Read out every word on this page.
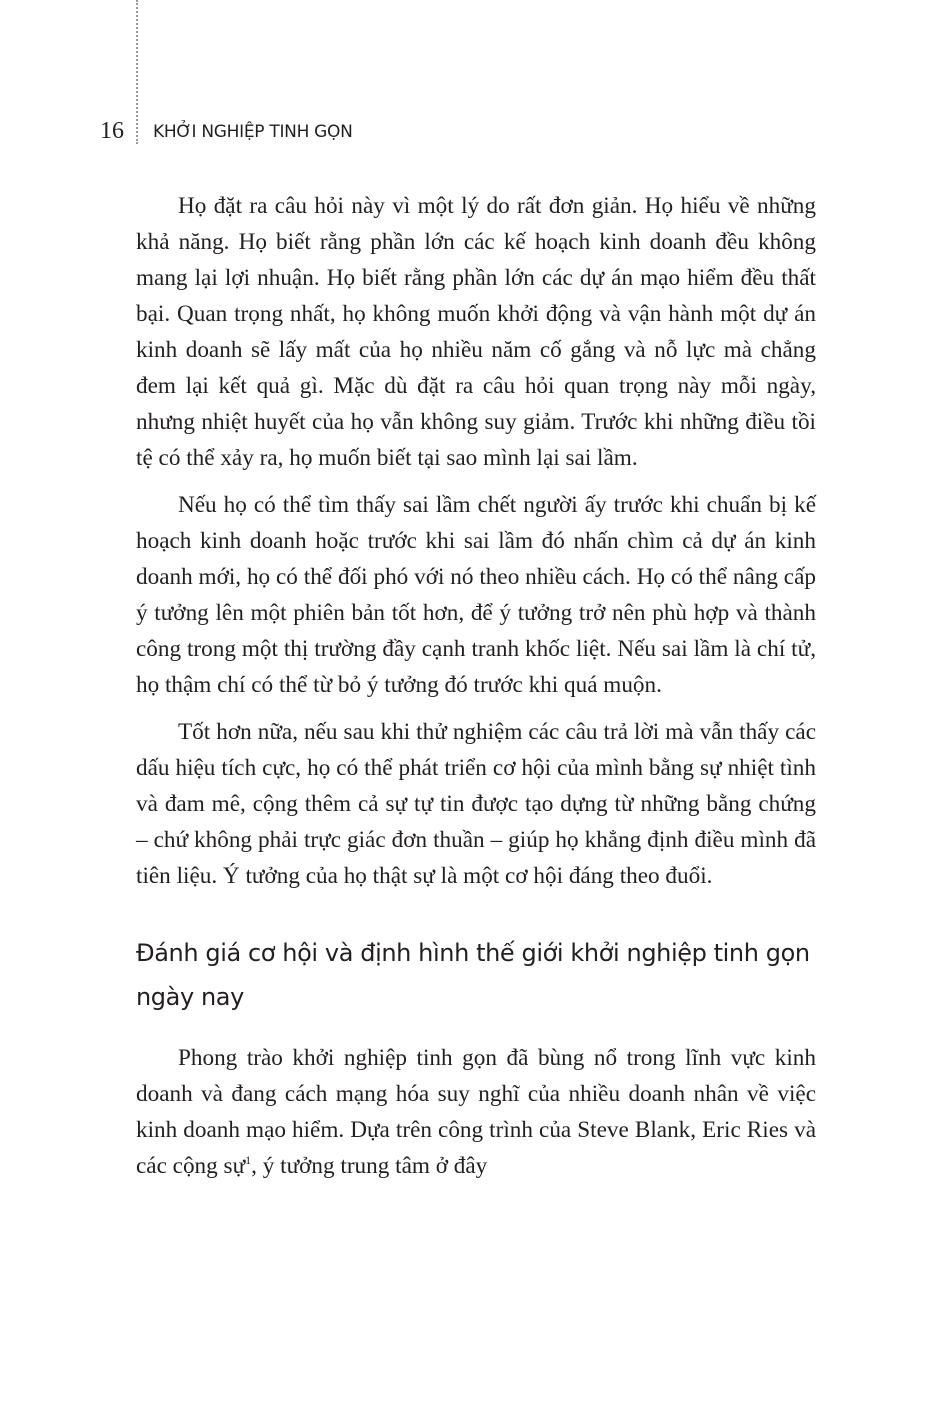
16 KHỞI NGHIỆP TINH GỌN

Họ đặt ra câu hỏi này vì một lý do rất đơn giản. Họ hiểu về những khả năng. Họ biết rằng phần lớn các kế hoạch kinh doanh đều không mang lại lợi nhuận. Họ biết rằng phần lớn các dự án mạo hiểm đều thất bại. Quan trọng nhất, họ không muốn khởi động và vận hành một dự án kinh doanh sẽ lấy mất của họ nhiều năm cố gắng và nỗ lực mà chẳng đem lại kết quả gì. Mặc dù đặt ra câu hỏi quan trọng này mỗi ngày, nhưng nhiệt huyết của họ vẫn không suy giảm. Trước khi những điều tồi tệ có thể xảy ra, họ muốn biết tại sao mình lại sai lầm.

Nếu họ có thể tìm thấy sai lầm chết người ấy trước khi chuẩn bị kế hoạch kinh doanh hoặc trước khi sai lầm đó nhấn chìm cả dự án kinh doanh mới, họ có thể đối phó với nó theo nhiều cách. Họ có thể nâng cấp ý tưởng lên một phiên bản tốt hơn, để ý tưởng trở nên phù hợp và thành công trong một thị trường đầy cạnh tranh khốc liệt. Nếu sai lầm là chí tử, họ thậm chí có thể từ bỏ ý tưởng đó trước khi quá muộn.

Tốt hơn nữa, nếu sau khi thử nghiệm các câu trả lời mà vẫn thấy các dấu hiệu tích cực, họ có thể phát triển cơ hội của mình bằng sự nhiệt tình và đam mê, cộng thêm cả sự tự tin được tạo dựng từ những bằng chứng – chứ không phải trực giác đơn thuần – giúp họ khẳng định điều mình đã tiên liệu. Ý tưởng của họ thật sự là một cơ hội đáng theo đuổi.

Đánh giá cơ hội và định hình thế giới khởi nghiệp tinh gọn ngày nay

Phong trào khởi nghiệp tinh gọn đã bùng nổ trong lĩnh vực kinh doanh và đang cách mạng hóa suy nghĩ của nhiều doanh nhân về việc kinh doanh mạo hiểm. Dựa trên công trình của Steve Blank, Eric Ries và các cộng sự$^1$, ý tưởng trung tâm ở đây
